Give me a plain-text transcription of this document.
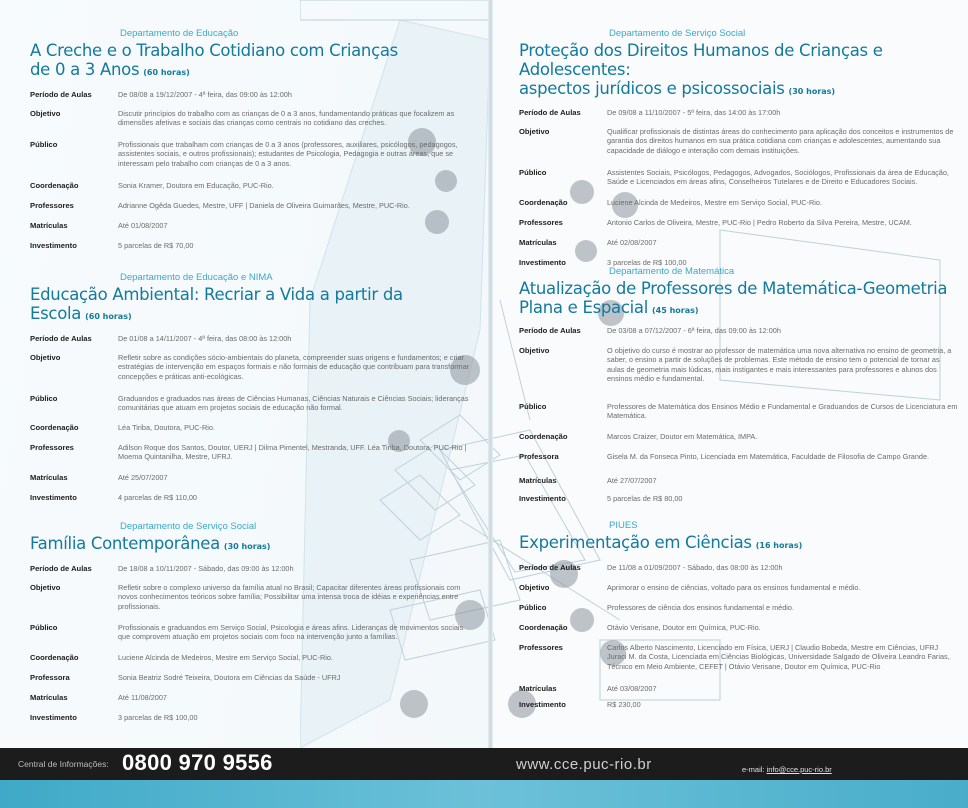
Departamento de Educação
A Creche e o Trabalho Cotidiano com Crianças
de 0 a 3 Anos (60 horas)
Período de Aulas	De 08/08 a 19/12/2007 - 4ª feira, das 09:00 às 12:00h
Objetivo	Discutir princípios do trabalho com as crianças de 0 a 3 anos, fundamentando práticas que focalizem as dimensões afetivas e sociais das crianças como centrais no cotidiano das creches.
Público	Profissionais que trabalham com crianças de 0 a 3 anos (professores, auxiliares, psicólogos, pedagogos, assistentes sociais, e outros profissionais); estudantes de Psicologia, Pedagogia e outras áreas, que se interessam pelo trabalho com crianças de 0 a 3 anos.
Coordenação	Sonia Kramer, Doutora em Educação, PUC-Rio.
Professores	Adrianne Ogêda Guedes, Mestre, UFF | Daniela de Oliveira Guimarães, Mestre, PUC-Rio.
Matrículas	Até 01/08/2007
Investimento	5 parcelas de R$ 70,00
Departamento de Educação e NIMA
Educação Ambiental: Recriar a Vida a partir da Escola (60 horas)
Período de Aulas	De 01/08 a 14/11/2007 - 4ª feira, das 08:00 às 12:00h
Objetivo	Refletir sobre as condições sócio-ambientais do planeta, compreender suas origens e fundamentos; e criar estratégias de intervenção em espaços formais e não formais de educação que contribuam para transformar concepções e práticas anti-ecológicas.
Público	Graduandos e graduados nas áreas de Ciências Humanas, Ciências Naturais e Ciências Sociais; lideranças comunitárias que atuam em projetos sociais de educação não formal.
Coordenação	Léa Tiriba, Doutora, PUC-Rio.
Professores	Adilson Roque dos Santos, Doutor, UERJ | Dilma Pimentel, Mestranda, UFF. Léa Tiriba, Doutora, PUC-Rio | Moema Quintanilha, Mestre, UFRJ.
Matrículas	Até 25/07/2007
Investimento	4 parcelas de R$ 110,00
Departamento de Serviço Social
Família Contemporânea (30 horas)
Período de Aulas	De 18/08 a 10/11/2007 - Sábado, das 09:00 às 12:00h
Objetivo	Refletir sobre o complexo universo da família atual no Brasil; Capacitar diferentes áreas profissionais com novos conhecimentos teóricos sobre família; Possibilitar uma intensa troca de idéias e experiências entre profissionais.
Público	Profissionais e graduandos em Serviço Social, Psicologia e áreas afins. Lideranças de movimentos sociais que comprovem atuação em projetos sociais com foco na intervenção junto a famílias.
Coordenação	Luciene Alcinda de Medeiros, Mestre em Serviço Social, PUC-Rio.
Professora	Sonia Beatriz Sodré Teixeira, Doutora em Ciências da Saúde - UFRJ
Matrículas	Até 11/08/2007
Investimento	3 parcelas de R$ 100,00
Departamento de Serviço Social
Proteção dos Direitos Humanos de Crianças e Adolescentes:
aspectos jurídicos e psicossociais (30 horas)
Período de Aulas	De 09/08 a 11/10/2007 - 5ª feira, das 14:00 às 17:00h
Objetivo	Qualificar profissionais de distintas áreas do conhecimento para aplicação dos conceitos e instrumentos de garantia dos direitos humanos em sua prática cotidiana com crianças e adolescentes, aumentando sua capacidade de diálogo e interação com demais instituições.
Público	Assistentes Sociais, Psicólogos, Pedagogos, Advogados, Sociólogos, Profissionais da área de Educação, Saúde e Licenciados em áreas afins, Conselheiros Tutelares e de Direito e Educadores Sociais.
Coordenação	Luciene Alcinda de Medeiros, Mestre em Serviço Social, PUC-Rio.
Professores	Antonio Carlos de Oliveira, Mestre, PUC-Rio | Pedro Roberto da Silva Pereira, Mestre, UCAM.
Matrículas	Até 02/08/2007
Investimento	3 parcelas de R$ 100,00
Departamento de Matemática
Atualização de Professores de Matemática-Geometria
Plana e Espacial (45 horas)
Período de Aulas	De 03/08 a 07/12/2007 - 6ª feira, das 09:00 às 12:00h
Objetivo	O objetivo do curso é mostrar ao professor de matemática uma nova alternativa no ensino de geometria, a saber, o ensino a partir de soluções de problemas. Este método de ensino tem o potencial de tornar as aulas de geometria mais lúdicas, mais instigantes e mais interessantes para professores e alunos dos ensinos médio e fundamental.
Público	Professores de Matemática dos Ensinos Médio e Fundamental e Graduandos de Cursos de Licenciatura em Matemática.
Coordenação	Marcos Craizer, Doutor em Matemática, IMPA.
Professora	Gisela M. da Fonseca Pinto, Licenciada em Matemática, Faculdade de Filosofia de Campo Grande.
Matrículas	Até 27/07/2007
Investimento	5 parcelas de R$ 80,00
PIUES
Experimentação em Ciências (16 horas)
Período de Aulas	De 11/08 a 01/09/2007 - Sábado, das 08:00 às 12:00h
Objetivo	Aprimorar o ensino de ciências, voltado para os ensinos fundamental e médio.
Público	Professores de ciência dos ensinos fundamental e médio.
Coordenação	Otávio Verisane, Doutor em Química, PUC-Rio.
Professores	Carlos Alberto Nascimento, Licenciado em Física, UERJ | Claudio Bobeda, Mestre em Ciências, UFRJ Juraci M. da Costa, Licenciada em Ciências Biológicas, Universidade Salgado de Oliveira Leandro Farias, Técnico em Meio Ambiente, CEFET | Otávio Verisane, Doutor em Química, PUC-Rio
Matrículas	Até 03/08/2007
Investimento	R$ 230,00
Central de Informações: 0800 970 9556	www.cce.puc-rio.br	e-mail: info@cce.puc-rio.br
